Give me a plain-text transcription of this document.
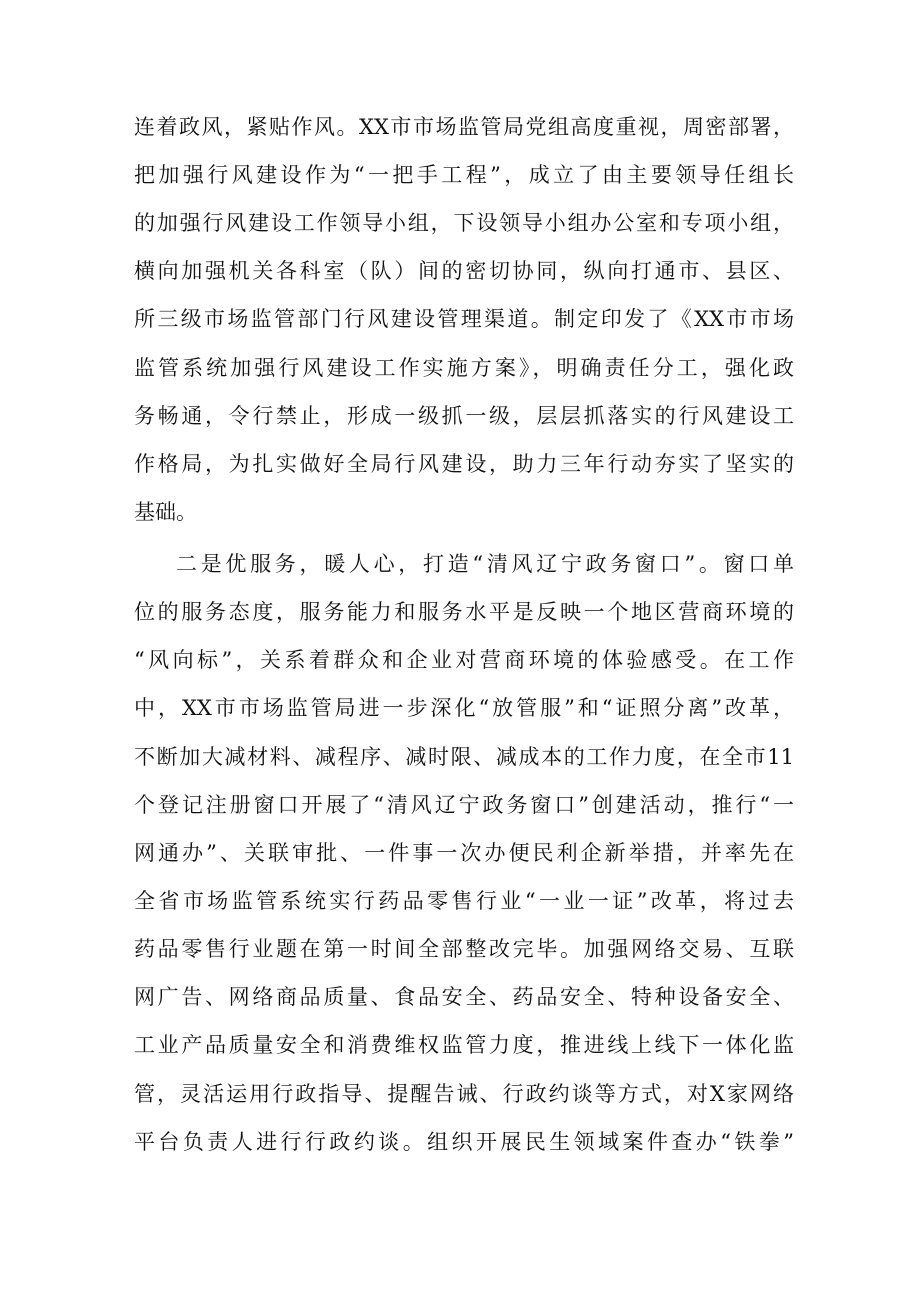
连着政风，紧贴作风。XX市市场监管局党组高度重视，周密部署，
把加强行风建设作为“一把手工程”，成立了由主要领导任组长
的加强行风建设工作领导小组，下设领导小组办公室和专项小组，
横向加强机关各科室（队）间的密切协同，纵向打通市、县区、
所三级市场监管部门行风建设管理渠道。制定印发了《XX市市场
监管系统加强行风建设工作实施方案》，明确责任分工，强化政
务畅通，令行禁止，形成一级抓一级，层层抓落实的行风建设工
作格局，为扎实做好全局行风建设，助力三年行动夯实了坚实的
基础。
二是优服务，暖人心，打造“清风辽宁政务窗口”。窗口单
位的服务态度，服务能力和服务水平是反映一个地区营商环境的
“风向标”，关系着群众和企业对营商环境的体验感受。在工作
中，XX市市场监管局进一步深化“放管服”和“证照分离”改革，
不断加大减材料、减程序、减时限、减成本的工作力度，在全市11
个登记注册窗口开展了“清风辽宁政务窗口”创建活动，推行“一
网通办”、关联审批、一件事一次办便民利企新举措，并率先在
全省市场监管系统实行药品零售行业“一业一证”改革，将过去
药品零售行业题在第一时间全部整改完毕。加强网络交易、互联
网广告、网络商品质量、食品安全、药品安全、特种设备安全、
工业产品质量安全和消费维权监管力度，推进线上线下一体化监
管，灵活运用行政指导、提醒告诫、行政约谈等方式，对X家网络
平台负责人进行行政约谈。组织开展民生领域案件查办“铁拳”
